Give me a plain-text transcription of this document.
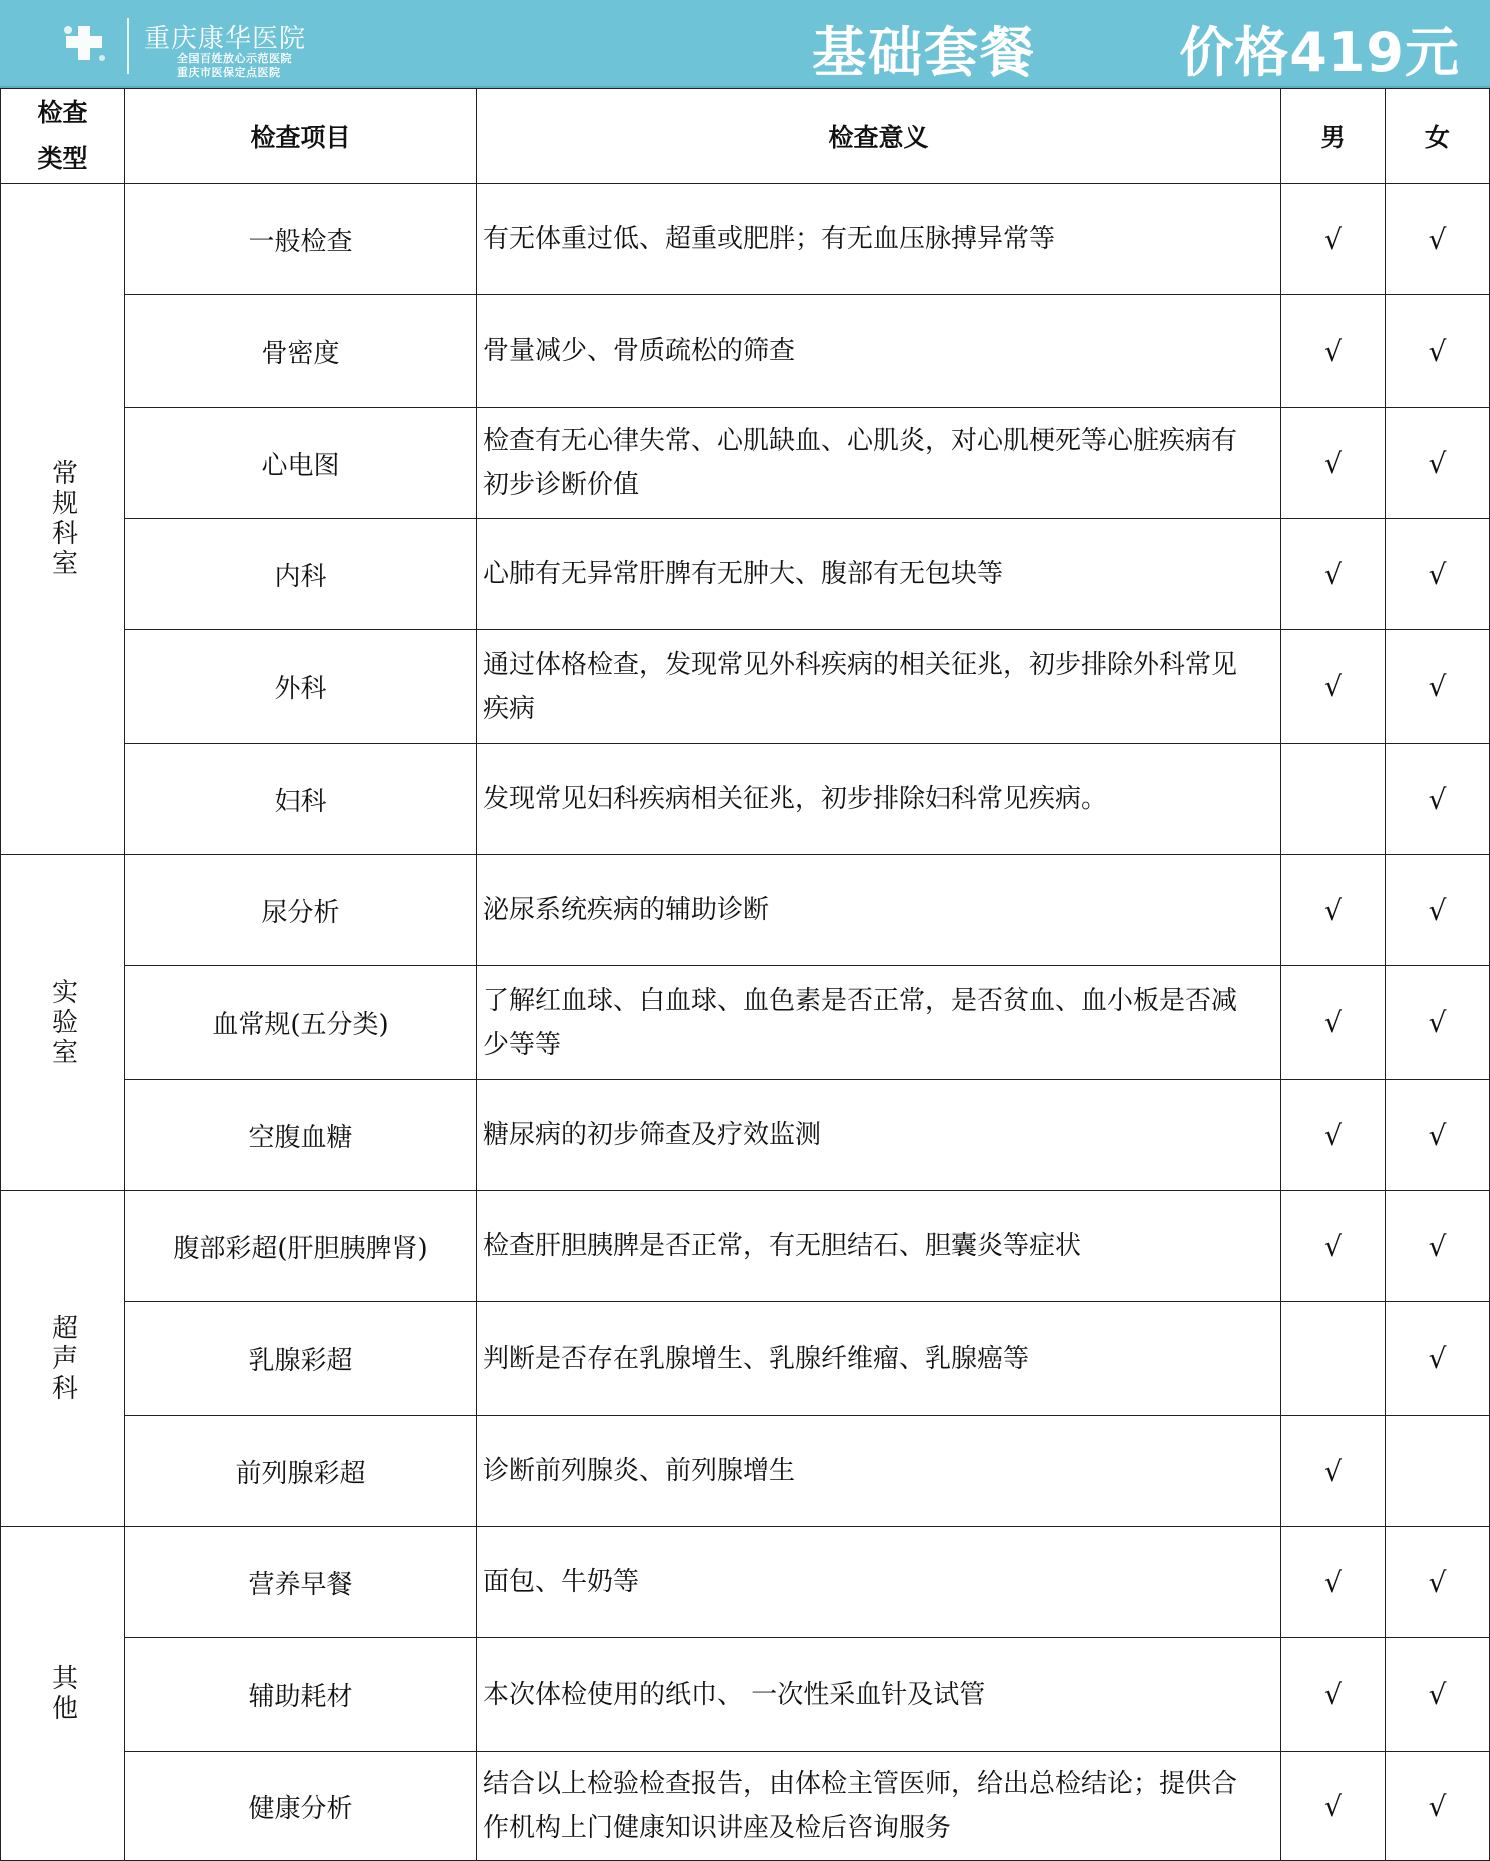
重庆康华医院
全国百姓放心示范医院
重庆市医保定点医院	基础套餐	价格419元
检查
类型	检查项目	检查意义	男	女

常规科室	一般检查	有无体重过低、超重或肥胖；有无血压脉搏异常等	√	√
	骨密度	骨量减少、骨质疏松的筛查	√	√
	心电图	检查有无心律失常、心肌缺血、心肌炎，对心肌梗死等心脏疾病有初步诊断价值	√	√
	内科	心肺有无异常肝脾有无肿大、腹部有无包块等	√	√
	外科	通过体格检查，发现常见外科疾病的相关征兆，初步排除外科常见疾病	√	√
	妇科	发现常见妇科疾病相关征兆，初步排除妇科常见疾病。		√

实验室	尿分析	泌尿系统疾病的辅助诊断	√	√
	血常规(五分类)	了解红血球、白血球、血色素是否正常，是否贫血、血小板是否减少等等	√	√
	空腹血糖	糖尿病的初步筛查及疗效监测	√	√

超声科	腹部彩超(肝胆胰脾肾)	检查肝胆胰脾是否正常，有无胆结石、胆囊炎等症状	√	√
	乳腺彩超	判断是否存在乳腺增生、乳腺纤维瘤、乳腺癌等		√
	前列腺彩超	诊断前列腺炎、前列腺增生	√	

其他	营养早餐	面包、牛奶等	√	√
	辅助耗材	本次体检使用的纸巾、 一次性采血针及试管	√	√
	健康分析	结合以上检验检查报告，由体检主管医师，给出总检结论；提供合作机构上门健康知识讲座及检后咨询服务	√	√
